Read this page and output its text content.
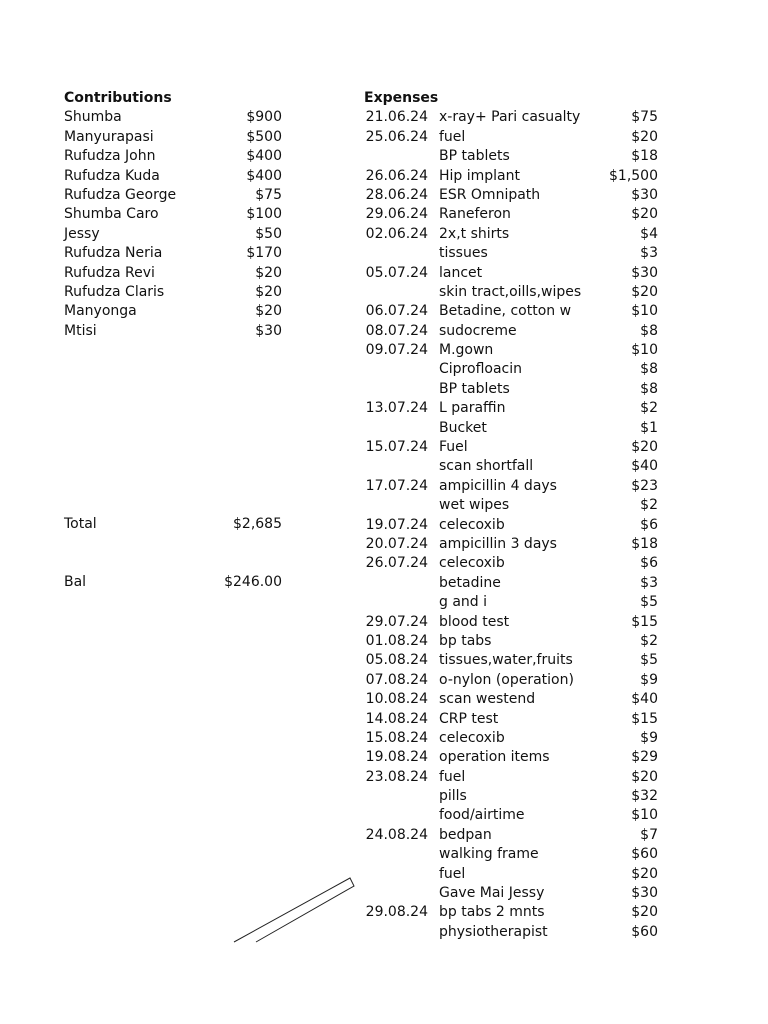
Contributions
Shumba	$900
Manyurapasi	$500
Rufudza John	$400
Rufudza Kuda	$400
Rufudza George	$75
Shumba Caro	$100
Jessy	$50
Rufudza Neria	$170
Rufudza Revi	$20
Rufudza Claris	$20
Manyonga	$20
Mtisi	$30
Total	$2,685
Bal	$246.00
Expenses
21.06.24 x-ray+ Pari casualty	$75
25.06.24 fuel	$20
BP tablets	$18
26.06.24 Hip implant	$1,500
28.06.24 ESR Omnipath	$30
29.06.24 Raneferon	$20
02.06.24 2x,t shirts	$4
tissues	$3
05.07.24 lancet	$30
skin tract,oills,wipes	$20
06.07.24 Betadine, cotton w	$10
08.07.24 sudocreme	$8
09.07.24 M.gown	$10
Ciprofloacin	$8
BP tablets	$8
13.07.24 L paraffin	$2
Bucket	$1
15.07.24 Fuel	$20
scan shortfall	$40
17.07.24 ampicillin 4 days	$23
wet wipes	$2
19.07.24 celecoxib	$6
20.07.24 ampicillin 3 days	$18
26.07.24 celecoxib	$6
betadine	$3
g and i	$5
29.07.24 blood test	$15
01.08.24 bp tabs	$2
05.08.24 tissues,water,fruits	$5
07.08.24 o-nylon (operation)	$9
10.08.24 scan westend	$40
14.08.24 CRP test	$15
15.08.24 celecoxib	$9
19.08.24 operation items	$29
23.08.24 fuel	$20
pills	$32
food/airtime	$10
24.08.24 bedpan	$7
walking frame	$60
fuel	$20
Gave Mai Jessy	$30
29.08.24 bp tabs 2 mnts	$20
physiotherapist	$60
